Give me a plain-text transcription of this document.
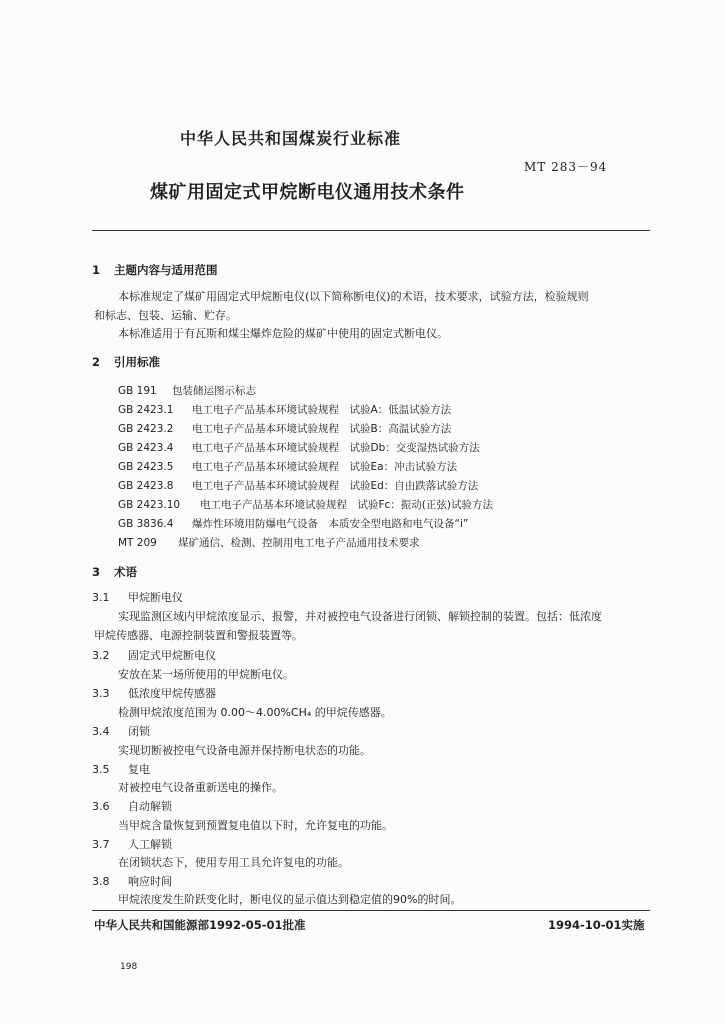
中华人民共和国煤炭行业标准
MT 283－94
煤矿用固定式甲烷断电仪通用技术条件
1 主题内容与适用范围
本标准规定了煤矿用固定式甲烷断电仪(以下简称断电仪)的术语，技术要求，试验方法，检验规则
和标志、包装、运输、贮存。
本标准适用于有瓦斯和煤尘爆炸危险的煤矿中使用的固定式断电仪。
2 引用标准
GB 191 包装储运图示标志
GB 2423.1 电工电子产品基本环境试验规程　试验A：低温试验方法
GB 2423.2 电工电子产品基本环境试验规程　试验B：高温试验方法
GB 2423.4 电工电子产品基本环境试验规程　试验Db：交变湿热试验方法
GB 2423.5 电工电子产品基本环境试验规程　试验Ea：冲击试验方法
GB 2423.8 电工电子产品基本环境试验规程　试验Ed：自由跌落试验方法
GB 2423.10 电工电子产品基本环境试验规程　试验Fc：振动(正弦)试验方法
GB 3836.4 爆炸性环境用防爆电气设备　本质安全型电路和电气设备“i”
MT 209 煤矿通信、检测、控制用电工电子产品通用技术要求
3 术语
3.1 甲烷断电仪
实现监测区域内甲烷浓度显示、报警，并对被控电气设备进行闭锁、解锁控制的装置。包括：低浓度
甲烷传感器、电源控制装置和警报装置等。
3.2 固定式甲烷断电仪
安放在某一场所使用的甲烷断电仪。
3.3 低浓度甲烷传感器
检测甲烷浓度范围为 0.00～4.00%CH₄ 的甲烷传感器。
3.4 闭锁
实现切断被控电气设备电源并保持断电状态的功能。
3.5 复电
对被控电气设备重新送电的操作。
3.6 自动解锁
当甲烷含量恢复到预置复电值以下时，允许复电的功能。
3.7 人工解锁
在闭锁状态下，使用专用工具允许复电的功能。
3.8 响应时间
甲烷浓度发生阶跃变化时，断电仪的显示值达到稳定值的90%的时间。
中华人民共和国能源部1992-05-01批准	1994-10-01实施
198
